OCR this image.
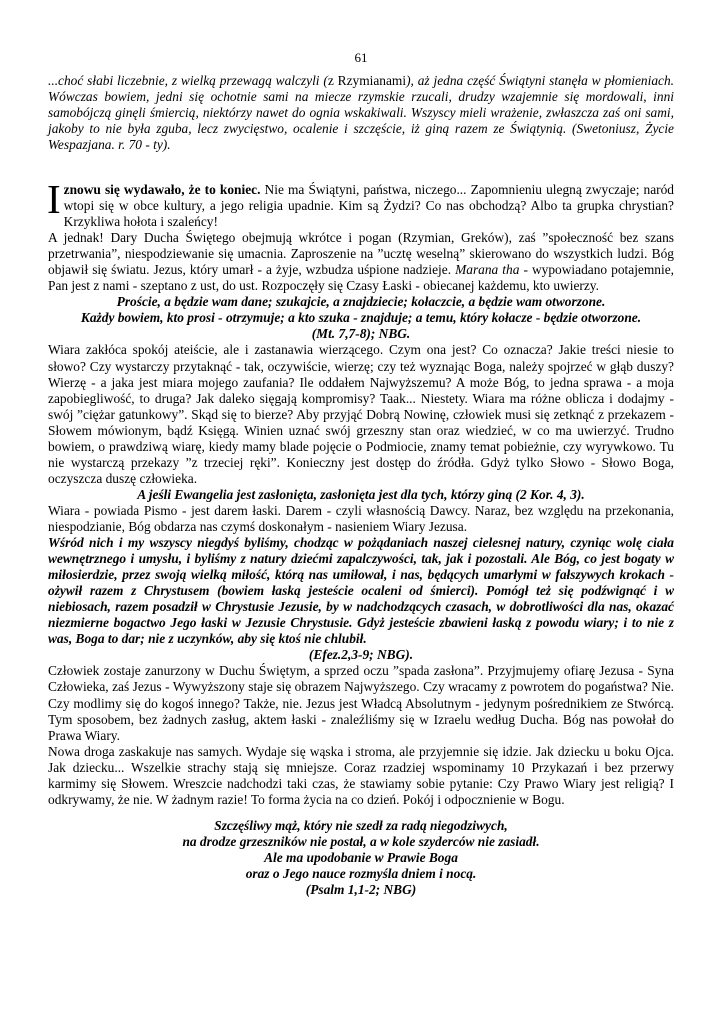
61

...choć słabi liczebnie, z wielką przewagą walczyli (z Rzymianami), aż jedna część Świątyni stanęła w płomieniach. Wówczas bowiem, jedni się ochotnie sami na miecze rzymskie rzucali, drudzy wzajemnie się mordowali, inni samobójczą ginęli śmiercią, niektórzy nawet do ognia wskakiwali. Wszyscy mieli wrażenie, zwłaszcza zaś oni sami, jakoby to nie była zguba, lecz zwycięstwo, ocalenie i szczęście, iż giną razem ze Świątynią. (Swetoniusz, Życie Wespazjana. r. 70 - ty).

Iznowu się wydawało, że to koniec. Nie ma Świątyni, państwa, niczego... Zapomnieniu ulegną zwyczaje; naród wtopi się w obce kultury, a jego religia upadnie. Kim są Żydzi? Co nas obchodzą? Albo ta grupka chrystian? Krzykliwa hołota i szaleńcy!

A jednak! Dary Ducha Świętego obejmują wkrótce i pogan (Rzymian, Greków), zaś ”społeczność bez szans przetrwania”, niespodziewanie się umacnia. Zaproszenie na ”ucztę weselną” skierowano do wszystkich ludzi. Bóg objawił się światu. Jezus, który umarł - a żyje, wzbudza uśpione nadzieje. Marana tha - wypowiadano potajemnie, Pan jest z nami - szeptano z ust, do ust. Rozpoczęły się Czasy Łaski - obiecanej każdemu, kto uwierzy.

Proście, a będzie wam dane; szukajcie, a znajdziecie; kołaczcie, a będzie wam otworzone.

Każdy bowiem, kto prosi - otrzymuje; a kto szuka - znajduje; a temu, który kołacze - będzie otworzone.

(Mt. 7,7-8); NBG.

Wiara zakłóca spokój ateiście, ale i zastanawia wierzącego. Czym ona jest? Co oznacza? Jakie treści niesie to słowo? Czy wystarczy przytaknąć - tak, oczywiście, wierzę; czy też wyznając Boga, należy spojrzeć w głąb duszy? Wierzę - a jaka jest miara mojego zaufania? Ile oddałem Najwyższemu? A może Bóg, to jedna sprawa - a moja zapobiegliwość, to druga? Jak daleko sięgają kompromisy? Taak... Niestety. Wiara ma różne oblicza i dodajmy - swój ”ciężar gatunkowy”. Skąd się to bierze? Aby przyjąć Dobrą Nowinę, człowiek musi się zetknąć z przekazem - Słowem mówionym, bądź Księgą. Winien uznać swój grzeszny stan oraz wiedzieć, w co ma uwierzyć. Trudno bowiem, o prawdziwą wiarę, kiedy mamy blade pojęcie o Podmiocie, znamy temat pobieżnie, czy wyrywkowo. Tu nie wystarczą przekazy ”z trzeciej ręki”. Konieczny jest dostęp do źródła. Gdyż tylko Słowo - Słowo Boga, oczyszcza duszę człowieka.

A jeśli Ewangelia jest zasłonięta, zasłonięta jest dla tych, którzy giną (2 Kor. 4, 3).

Wiara - powiada Pismo - jest darem łaski. Darem - czyli własnością Dawcy. Naraz, bez względu na przekonania, niespodzianie, Bóg obdarza nas czymś doskonałym - nasieniem Wiary Jezusa.

Wśród nich i my wszyscy niegdyś byliśmy, chodząc w pożądaniach naszej cielesnej natury, czyniąc wolę ciała wewnętrznego i umysłu, i byliśmy z natury dziećmi zapalczywości, tak, jak i pozostali. Ale Bóg, co jest bogaty w miłosierdzie, przez swoją wielką miłość, którą nas umiłował, i nas, będących umarłymi w fałszywych krokach - ożywił razem z Chrystusem (bowiem łaską jesteście ocaleni od śmierci). Pomógł też się podźwignąć i w niebiosach, razem posadził w Chrystusie Jezusie, by w nadchodzących czasach, w dobrotliwości dla nas, okazać niezmierne bogactwo Jego łaski w Jezusie Chrystusie. Gdyż jesteście zbawieni łaską z powodu wiary; i to nie z was, Boga to dar; nie z uczynków, aby się ktoś nie chlubił.

(Efez.2,3-9; NBG).

Człowiek zostaje zanurzony w Duchu Świętym, a sprzed oczu ”spada zasłona”. Przyjmujemy ofiarę Jezusa - Syna Człowieka, zaś Jezus - Wywyższony staje się obrazem Najwyższego. Czy wracamy z powrotem do pogaństwa? Nie. Czy modlimy się do kogoś innego? Także, nie. Jezus jest Władcą Absolutnym - jedynym pośrednikiem ze Stwórcą. Tym sposobem, bez żadnych zasług, aktem łaski - znaleźliśmy się w Izraelu według Ducha. Bóg nas powołał do Prawa Wiary.

Nowa droga zaskakuje nas samych. Wydaje się wąska i stroma, ale przyjemnie się idzie. Jak dziecku u boku Ojca. Jak dziecku... Wszelkie strachy stają się mniejsze. Coraz rzadziej wspominamy 10 Przykazań i bez przerwy karmimy się Słowem. Wreszcie nadchodzi taki czas, że stawiamy sobie pytanie: Czy Prawo Wiary jest religią? I odkrywamy, że nie. W żadnym razie! To forma życia na co dzień. Pokój i odpocznienie w Bogu.

Szczęśliwy mąż, który nie szedł za radą niegodziwych,

na drodze grzeszników nie postał, a w kole szyderców nie zasiadł.

Ale ma upodobanie w Prawie Boga

oraz o Jego nauce rozmyśla dniem i nocą.

(Psalm 1,1-2; NBG)
